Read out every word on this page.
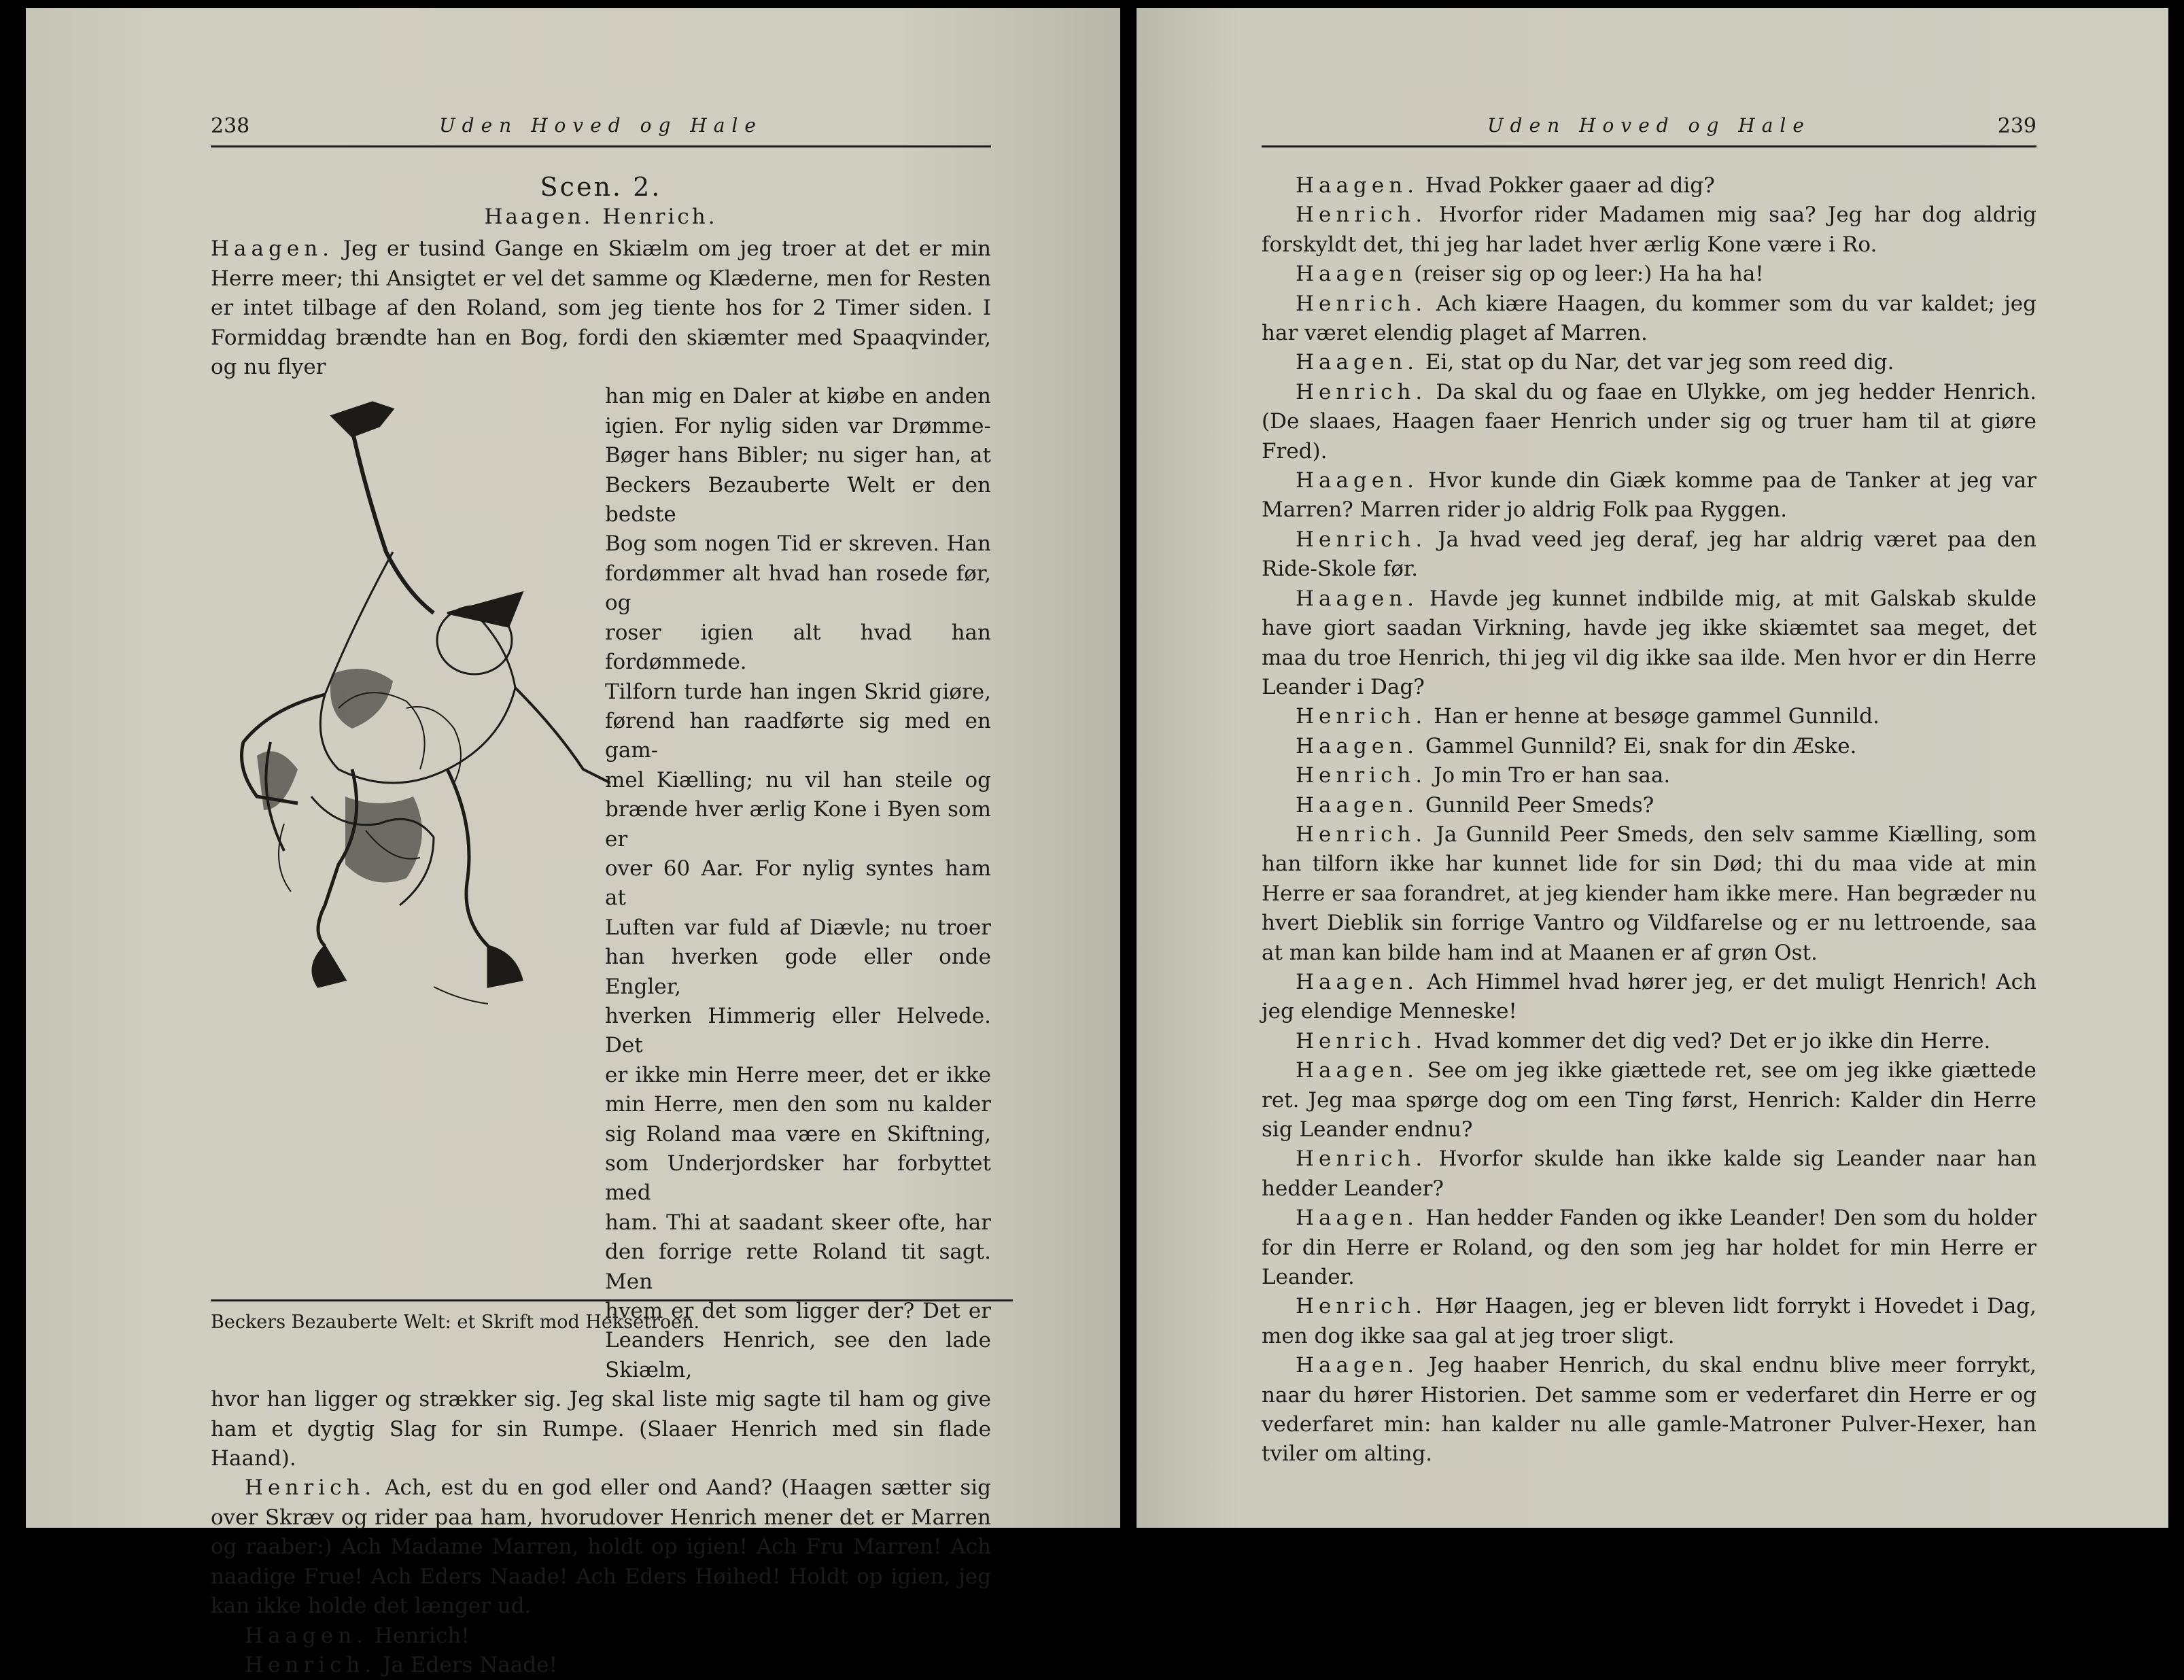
238	Uden Hoved og Hale
Scen. 2.
Haagen. Henrich.

Haagen. Jeg er tusind Gange en Skiælm om jeg troer at det er min Herre meer; thi Ansigtet er vel det samme og Klæderne, men for Resten er intet tilbage af den Roland, som jeg tiente hos for 2 Timer siden. I Formiddag brændte han en Bog, fordi den skiæmter med Spaaqvinder, og nu flyer

han mig en Daler at kiøbe en anden
igien. For nylig siden var Drømme-
Bøger hans Bibler; nu siger han, at
Beckers Bezauberte Welt er den bedste
Bog som nogen Tid er skreven. Han
fordømmer alt hvad han rosede før, og
roser igien alt hvad han fordømmede.
Tilforn turde han ingen Skrid giøre,
førend han raadførte sig med en gam-
mel Kiælling; nu vil han steile og
brænde hver ærlig Kone i Byen som er
over 60 Aar. For nylig syntes ham at
Luften var fuld af Diævle; nu troer
han hverken gode eller onde Engler,
hverken Himmerig eller Helvede. Det
er ikke min Herre meer, det er ikke
min Herre, men den som nu kalder
sig Roland maa være en Skiftning,
som Underjordsker har forbyttet med
ham. Thi at saadant skeer ofte, har
den forrige rette Roland tit sagt. Men
hvem er det som ligger der? Det er
Leanders Henrich, see den lade Skiælm,

hvor han ligger og strækker sig. Jeg skal liste mig sagte til ham og give ham et dygtig Slag for sin Rumpe. (Slaaer Henrich med sin flade Haand).

Henrich. Ach, est du en god eller ond Aand? (Haagen sætter sig over Skræv og rider paa ham, hvorudover Henrich mener det er Marren og raaber:) Ach Madame Marren, holdt op igien! Ach Fru Marren! Ach naadige Frue! Ach Eders Naade! Ach Eders Høihed! Holdt op igien, jeg kan ikke holde det længer ud.

Haagen. Henrich!

Henrich. Ja Eders Naade!

Beckers Bezauberte Welt: et Skrift mod Heksetroen.
Uden Hoved og Hale	239

Haagen. Hvad Pokker gaaer ad dig?

Henrich. Hvorfor rider Madamen mig saa? Jeg har dog aldrig forskyldt det, thi jeg har ladet hver ærlig Kone være i Ro.

Haagen (reiser sig op og leer:) Ha ha ha!

Henrich. Ach kiære Haagen, du kommer som du var kaldet; jeg har været elendig plaget af Marren.

Haagen. Ei, stat op du Nar, det var jeg som reed dig.

Henrich. Da skal du og faae en Ulykke, om jeg hedder Henrich. (De slaaes, Haagen faaer Henrich under sig og truer ham til at giøre Fred).

Haagen. Hvor kunde din Giæk komme paa de Tanker at jeg var Marren? Marren rider jo aldrig Folk paa Ryggen.

Henrich. Ja hvad veed jeg deraf, jeg har aldrig været paa den Ride-Skole før.

Haagen. Havde jeg kunnet indbilde mig, at mit Galskab skulde have giort saadan Virkning, havde jeg ikke skiæmtet saa meget, det maa du troe Henrich, thi jeg vil dig ikke saa ilde. Men hvor er din Herre Leander i Dag?

Henrich. Han er henne at besøge gammel Gunnild.

Haagen. Gammel Gunnild? Ei, snak for din Æske.

Henrich. Jo min Tro er han saa.

Haagen. Gunnild Peer Smeds?

Henrich. Ja Gunnild Peer Smeds, den selv samme Kiælling, som han tilforn ikke har kunnet lide for sin Død; thi du maa vide at min Herre er saa forandret, at jeg kiender ham ikke mere. Han begræder nu hvert Dieblik sin forrige Vantro og Vildfarelse og er nu lettroende, saa at man kan bilde ham ind at Maanen er af grøn Ost.

Haagen. Ach Himmel hvad hører jeg, er det muligt Henrich! Ach jeg elendige Menneske!

Henrich. Hvad kommer det dig ved? Det er jo ikke din Herre.

Haagen. See om jeg ikke giættede ret, see om jeg ikke giættede ret. Jeg maa spørge dog om een Ting først, Henrich: Kalder din Herre sig Leander endnu?

Henrich. Hvorfor skulde han ikke kalde sig Leander naar han hedder Leander?

Haagen. Han hedder Fanden og ikke Leander! Den som du holder for din Herre er Roland, og den som jeg har holdet for min Herre er Leander.

Henrich. Hør Haagen, jeg er bleven lidt forrykt i Hovedet i Dag, men dog ikke saa gal at jeg troer sligt.

Haagen. Jeg haaber Henrich, du skal endnu blive meer forrykt, naar du hører Historien. Det samme som er vederfaret din Herre er og vederfaret min: han kalder nu alle gamle-Matroner Pulver-Hexer, han tviler om alting.
